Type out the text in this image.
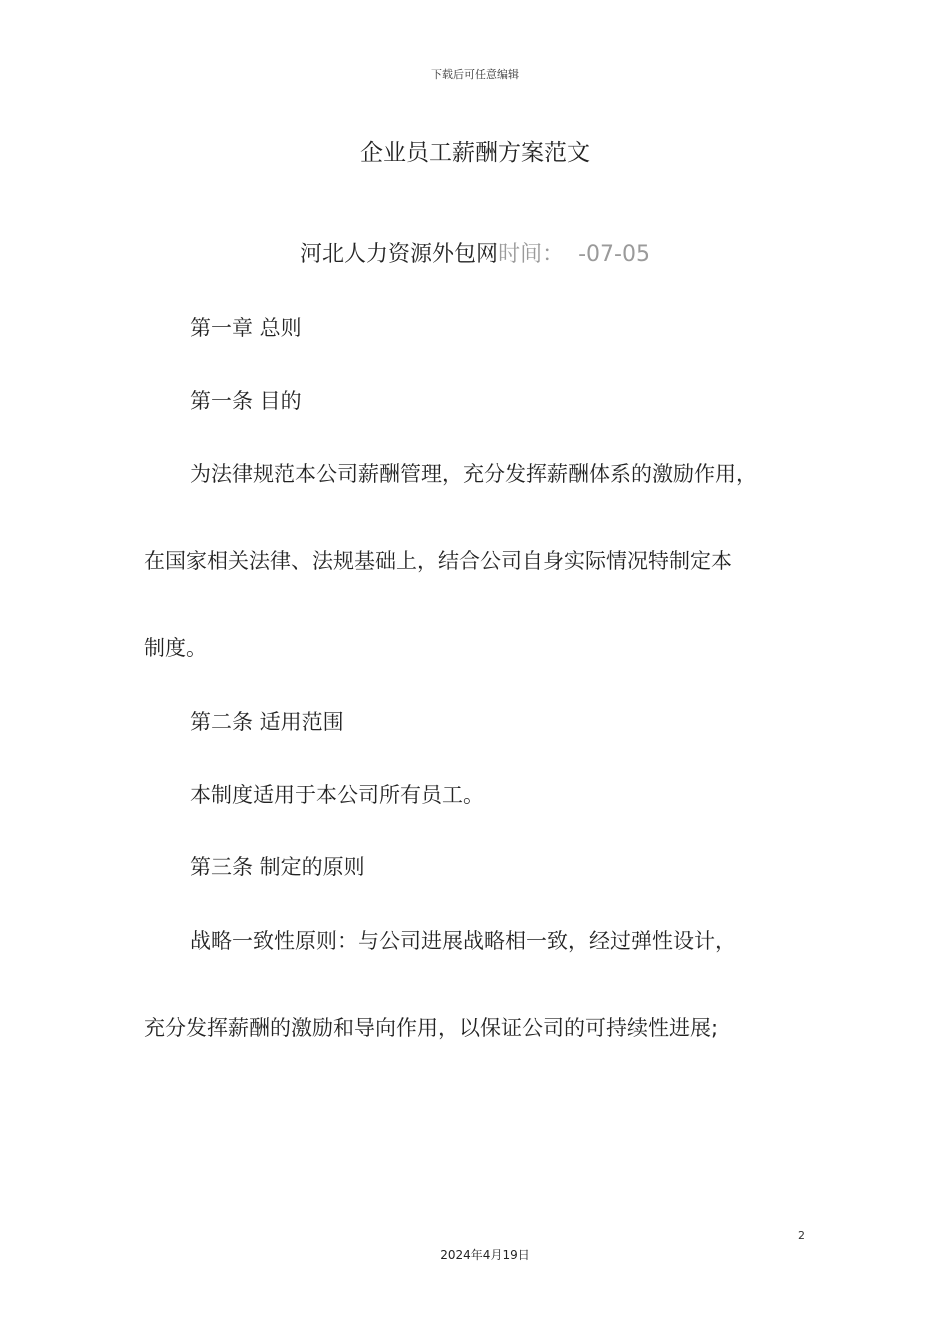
下载后可任意编辑
企业员工薪酬方案范文
河北人力资源外包网时间： -07-05
第一章 总则
第一条 目的
为法律规范本公司薪酬管理，充分发挥薪酬体系的激励作用，
在国家相关法律、法规基础上，结合公司自身实际情况特制定本
制度。
第二条 适用范围
本制度适用于本公司所有员工。
第三条 制定的原则
战略一致性原则：与公司进展战略相一致，经过弹性设计，
充分发挥薪酬的激励和导向作用，以保证公司的可持续性进展;
2
2024年4月19日
